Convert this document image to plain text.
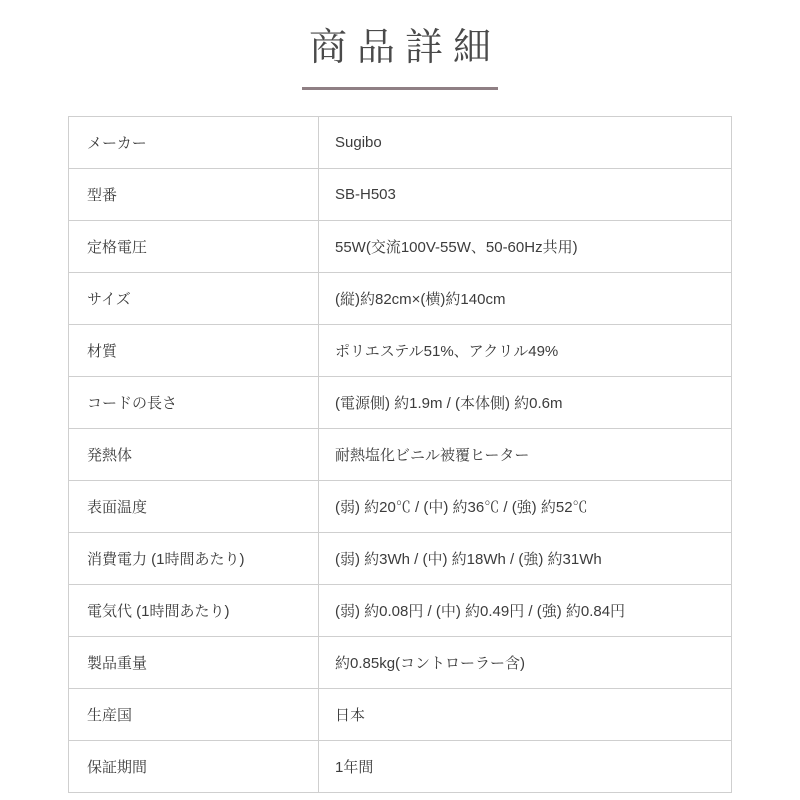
商品詳細
メーカー	Sugibo
型番	SB-H503
定格電圧	55W(交流100V-55W、50-60Hz共用)
サイズ	(縦)約82cm×(横)約140cm
材質	ポリエステル51%、アクリル49%
コードの長さ	(電源側) 約1.9m / (本体側) 約0.6m
発熱体	耐熱塩化ビニル被覆ヒーター
表面温度	(弱) 約20℃ / (中) 約36℃ / (強) 約52℃
消費電力 (1時間あたり)	(弱) 約3Wh / (中) 約18Wh / (強) 約31Wh
電気代 (1時間あたり)	(弱) 約0.08円 / (中) 約0.49円 / (強) 約0.84円
製品重量	約0.85kg(コントローラー含)
生産国	日本
保証期間	1年間
